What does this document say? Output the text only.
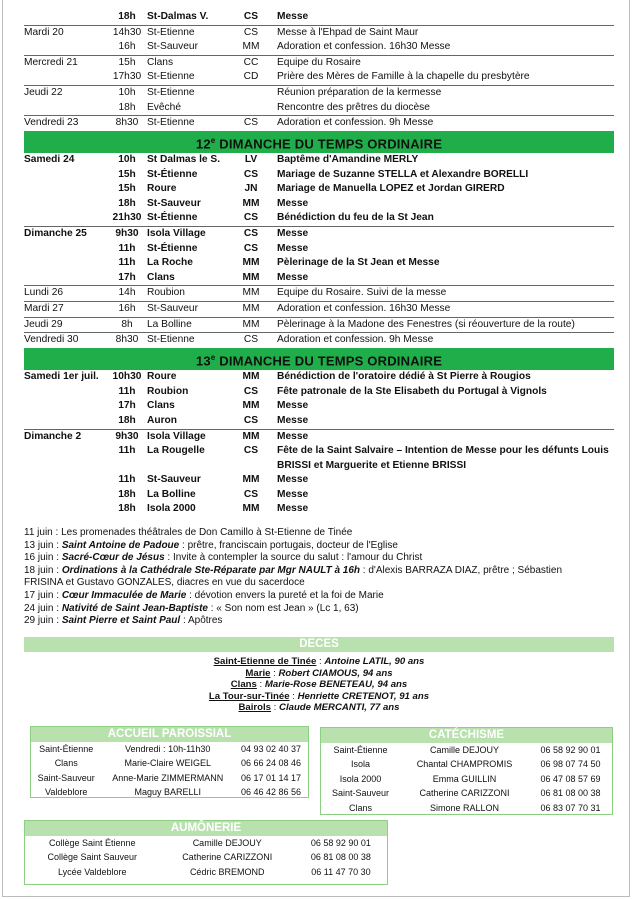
	18h	St-Dalmas V.	CS	Messe
Mardi 20	14h30	St-Etienne	CS	Messe à l'Ehpad de Saint Maur
	16h	St-Sauveur	MM	Adoration et confession. 16h30 Messe
Mercredi 21	15h	Clans	CC	Equipe du Rosaire
	17h30	St-Etienne	CD	Prière des Mères de Famille à la chapelle du presbytère
Jeudi 22	10h	St-Etienne		Réunion préparation de la kermesse
	18h	Evêché		Rencontre des prêtres du diocèse
Vendredi 23	8h30	St-Etienne	CS	Adoration et confession. 9h Messe
12e DIMANCHE DU TEMPS ORDINAIRE				
Samedi 24	10h	St Dalmas le S.	LV	Baptême d'Amandine MERLY
	15h	St-Étienne	CS	Mariage de Suzanne STELLA et Alexandre BORELLI
	15h	Roure	JN	Mariage de Manuella LOPEZ et Jordan GIRERD
	18h	St-Sauveur	MM	Messe
	21h30	St-Étienne	CS	Bénédiction du feu de la St Jean
Dimanche 25	9h30	Isola Village	CS	Messe
	11h	St-Étienne	CS	Messe
	11h	La Roche	MM	Pèlerinage de la St Jean et Messe
	17h	Clans	MM	Messe
Lundi 26	14h	Roubion	MM	Equipe du Rosaire. Suivi de la messe
Mardi 27	16h	St-Sauveur	MM	Adoration et confession. 16h30 Messe
Jeudi 29	8h	La Bolline	MM	Pèlerinage à la Madone des Fenestres (si réouverture de la route)
Vendredi 30	8h30	St-Etienne	CS	Adoration et confession. 9h Messe
13e DIMANCHE DU TEMPS ORDINAIRE				
Samedi 1er juil.	10h30	Roure	MM	Bénédiction de l'oratoire dédié à St Pierre à Rougios
	11h	Roubion	CS	Fête patronale de la Ste Elisabeth du Portugal à Vignols
	17h	Clans	MM	Messe
	18h	Auron	CS	Messe
Dimanche 2	9h30	Isola Village	MM	Messe
	11h	La Rougelle	CS	Fête de la Saint Salvaire – Intention de Messe pour les défunts Louis BRISSI et Marguerite et Etienne BRISSI
	11h	St-Sauveur	MM	Messe
	18h	La Bolline	CS	Messe
	18h	Isola 2000	MM	Messe
11 juin : Les promenades théâtrales de Don Camillo à St-Etienne de Tinée
13 juin : Saint Antoine de Padoue : prêtre, franciscain portugais, docteur de l'Eglise
16 juin : Sacré-Cœur de Jésus : Invite à contempler la source du salut : l'amour du Christ
18 juin : Ordinations à la Cathédrale Ste-Réparate par Mgr NAULT à 16h : d'Alexis BARRAZA DIAZ, prêtre ; Sébastien
FRISINA et Gustavo GONZALES, diacres en vue du sacerdoce
17 juin : Cœur Immaculée de Marie : dévotion envers la pureté et la foi de Marie
24 juin : Nativité de Saint Jean-Baptiste : « Son nom est Jean » (Lc 1, 63)
29 juin : Saint Pierre et Saint Paul : Apôtres
DECES
Saint-Etienne de Tinée : Antoine LATIL, 90 ans
Marie : Robert CIAMOUS, 94 ans
Clans : Marie-Rose BENETEAU, 94 ans
La Tour-sur-Tinée : Henriette CRETENOT, 91 ans
Bairols : Claude MERCANTI, 77 ans
ACCUEIL PAROISSIAL
Saint-Étienne	Vendredi : 10h-11h30	04 93 02 40 37
Clans	Marie-Claire WEIGEL	06 66 24 08 46
Saint-Sauveur	Anne-Marie ZIMMERMANN	06 17 01 14 17
Valdeblore	Maguy BARELLI	06 46 42 86 56
CATÉCHISME
Saint-Étienne	Camille DEJOUY	06 58 92 90 01
Isola	Chantal CHAMPROMIS	06 98 07 74 50
Isola 2000	Emma GUILLIN	06 47 08 57 69
Saint-Sauveur	Catherine CARIZZONI	06 81 08 00 38
Clans	Simone RALLON	06 83 07 70 31
AUMÔNERIE
Collège Saint Étienne	Camille DEJOUY	06 58 92 90 01
Collège Saint Sauveur	Catherine CARIZZONI	06 81 08 00 38
Lycée Valdeblore	Cédric BREMOND	06 11 47 70 30
